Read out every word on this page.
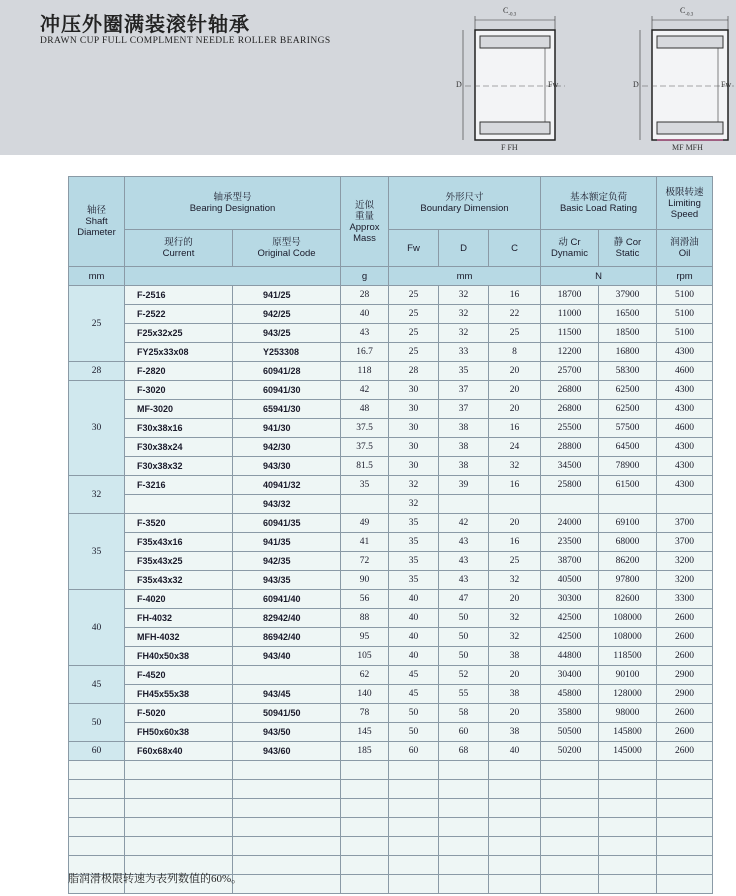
冲压外圈满装滚针轴承
DRAWN CUP FULL COMPLMENT NEEDLE ROLLER BEARINGS
$C_{-0.3}$
D	Fw
F FH
$C_{-0.3}$
D	Fw
MF MFH
轴径
Shaft
Diameter	轴承型号
Bearing Designation		近似
重量
Approx
Mass	外形尺寸
Boundary Dimension			基本额定负荷
Basic Load Rating		极限转速
Limiting
Speed
	现行的
Current	原型号
Original Code		Fw	D	C	动 Cr
Dynamic	静 Cor
Static	润滑油
Oil
mm			g	mm			N		rpm
25	F-2516	941/25	28	25	32	16	18700	37900	5100
	F-2522	942/25	40	25	32	22	11000	16500	5100
	F25x32x25	943/25	43	25	32	25	11500	18500	5100
	FY25x33x08	Y253308	16.7	25	33	8	12200	16800	4300
28	F-2820	60941/28	118	28	35	20	25700	58300	4600
30	F-3020	60941/30	42	30	37	20	26800	62500	4300
	MF-3020	65941/30	48	30	37	20	26800	62500	4300
	F30x38x16	941/30	37.5	30	38	16	25500	57500	4600
	F30x38x24	942/30	37.5	30	38	24	28800	64500	4300
	F30x38x32	943/30	81.5	30	38	32	34500	78900	4300
32	F-3216	40941/32	35	32	39	16	25800	61500	4300
		943/32		32					
35	F-3520	60941/35	49	35	42	20	24000	69100	3700
	F35x43x16	941/35	41	35	43	16	23500	68000	3700
	F35x43x25	942/35	72	35	43	25	38700	86200	3200
	F35x43x32	943/35	90	35	43	32	40500	97800	3200
40	F-4020	60941/40	56	40	47	20	30300	82600	3300
	FH-4032	82942/40	88	40	50	32	42500	108000	2600
	MFH-4032	86942/40	95	40	50	32	42500	108000	2600
	FH40x50x38	943/40	105	40	50	38	44800	118500	2600
45	F-4520		62	45	52	20	30400	90100	2900
	FH45x55x38	943/45	140	45	55	38	45800	128000	2900
50	F-5020	50941/50	78	50	58	20	35800	98000	2600
	FH50x60x38	943/50	145	50	60	38	50500	145800	2600
60	F60x68x40	943/60	185	60	68	40	50200	145000	2600

脂润滑极限转速为表列数值的60%。
